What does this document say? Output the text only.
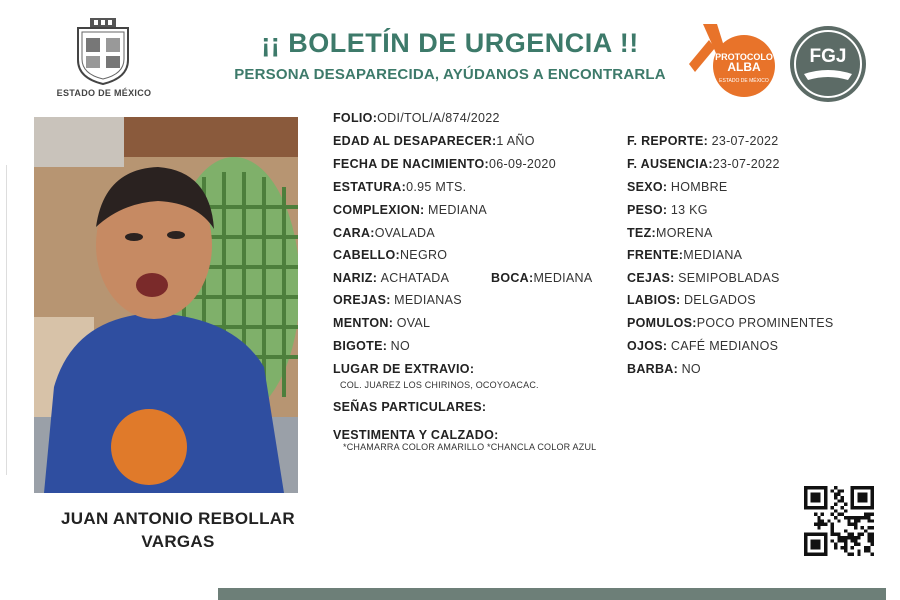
ESTADO DE MÉXICO
¡¡ BOLETÍN DE URGENCIA !!
PERSONA DESAPARECIDA, AYÚDANOS A ENCONTRARLA
PROTOCOLO
ALBA
ESTADO DE MÉXICO
FGJ
JUAN ANTONIO REBOLLAR
VARGAS
FOLIO:ODI/TOL/A/874/2022
EDAD AL DESAPARECER:1 AÑO
FECHA DE NACIMIENTO:06-09-2020
ESTATURA:0.95 MTS.
COMPLEXION: MEDIANA
CARA:OVALADA
CABELLO:NEGRO
NARIZ: ACHATADA	BOCA:MEDIANA
OREJAS: MEDIANAS
MENTON: OVAL
BIGOTE: NO
LUGAR DE EXTRAVIO:
COL. JUAREZ LOS CHIRINOS, OCOYOACAC.
SEÑAS PARTICULARES:
VESTIMENTA Y CALZADO:
*CHAMARRA COLOR AMARILLO *CHANCLA COLOR AZUL
F. REPORTE: 23-07-2022
F. AUSENCIA:23-07-2022
SEXO: HOMBRE
PESO: 13 KG
TEZ:MORENA
FRENTE:MEDIANA
CEJAS: SEMIPOBLADAS
LABIOS: DELGADOS
POMULOS:POCO PROMINENTES
OJOS: CAFÉ MEDIANOS
BARBA: NO
